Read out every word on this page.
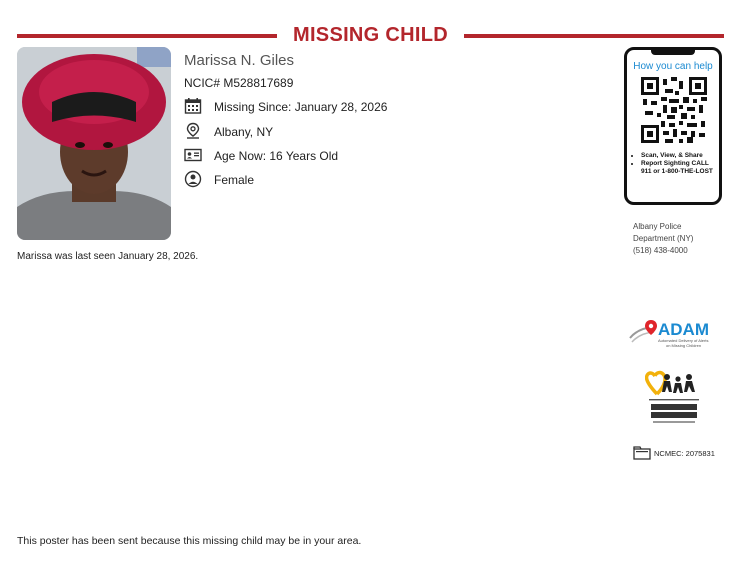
MISSING CHILD
Marissa N. Giles
NCIC# M528817689
Missing Since: January 28, 2026
Albany, NY
Age Now: 16 Years Old
Female
Marissa was last seen January 28, 2026.
How you can help
• Scan, View, & Share
• Report Sighting CALL 911 or 1-800-THE-LOST
Albany Police
Department (NY)
(518) 438-4000
ADAM
Automated Delivery of Alerts
on Missing Children
NCMEC: 2075831
This poster has been sent because this missing child may be in your area.
